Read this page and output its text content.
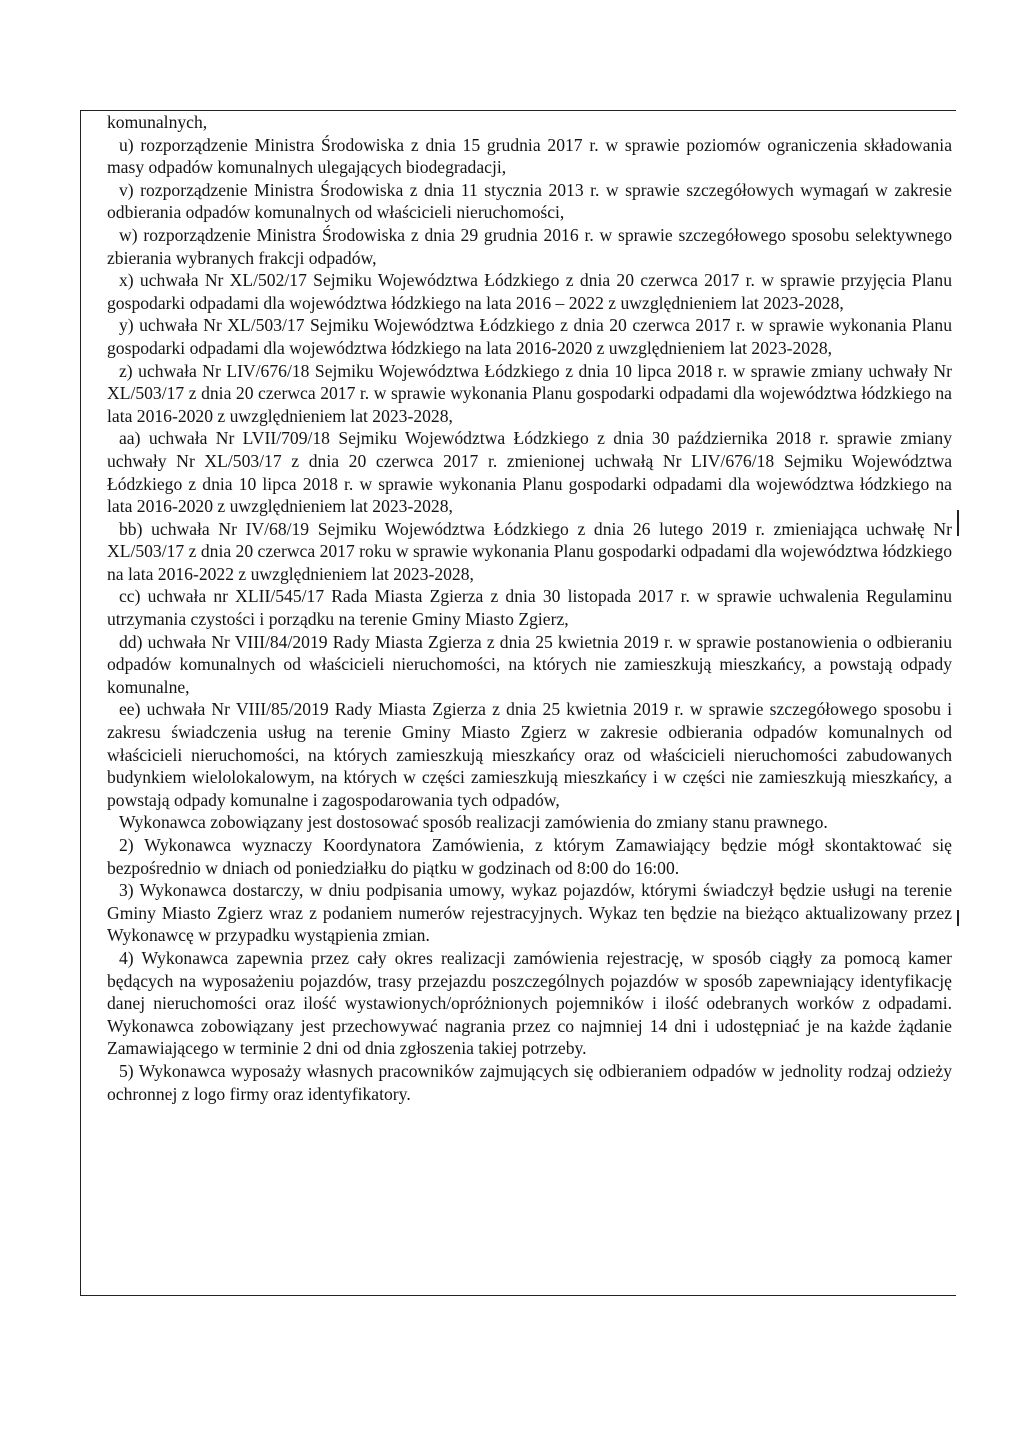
komunalnych,

u) rozporządzenie Ministra Środowiska z dnia 15 grudnia 2017 r. w sprawie poziomów ograniczenia składowania masy odpadów komunalnych ulegających biodegradacji,

v) rozporządzenie Ministra Środowiska z dnia 11 stycznia 2013 r. w sprawie szczegółowych wymagań w zakresie odbierania odpadów komunalnych od właścicieli nieruchomości,

w) rozporządzenie Ministra Środowiska z dnia 29 grudnia 2016 r. w sprawie szczegółowego sposobu selektywnego zbierania wybranych frakcji odpadów,

x) uchwała Nr XL/502/17 Sejmiku Województwa Łódzkiego z dnia 20 czerwca 2017 r. w sprawie przyjęcia Planu gospodarki odpadami dla województwa łódzkiego na lata 2016 – 2022 z uwzględnieniem lat 2023-2028,

y) uchwała Nr XL/503/17 Sejmiku Województwa Łódzkiego z dnia 20 czerwca 2017 r. w sprawie wykonania Planu gospodarki odpadami dla województwa łódzkiego na lata 2016-2020 z uwzględnieniem lat 2023-2028,

z) uchwała Nr LIV/676/18 Sejmiku Województwa Łódzkiego z dnia 10 lipca 2018 r. w sprawie zmiany uchwały Nr XL/503/17 z dnia 20 czerwca 2017 r. w sprawie wykonania Planu gospodarki odpadami dla województwa łódzkiego na lata 2016-2020 z uwzględnieniem lat 2023-2028,

aa) uchwała Nr LVII/709/18 Sejmiku Województwa Łódzkiego z dnia 30 października 2018 r. sprawie zmiany uchwały Nr XL/503/17 z dnia 20 czerwca 2017 r. zmienionej uchwałą Nr LIV/676/18 Sejmiku Województwa Łódzkiego z dnia 10 lipca 2018 r. w sprawie wykonania Planu gospodarki odpadami dla województwa łódzkiego na lata 2016-2020 z uwzględnieniem lat 2023-2028,

bb) uchwała Nr IV/68/19 Sejmiku Województwa Łódzkiego z dnia 26 lutego 2019 r. zmieniająca uchwałę Nr XL/503/17 z dnia 20 czerwca 2017 roku w sprawie wykonania Planu gospodarki odpadami dla województwa łódzkiego na lata 2016-2022 z uwzględnieniem lat 2023-2028,

cc) uchwała nr XLII/545/17 Rada Miasta Zgierza z dnia 30 listopada 2017 r. w sprawie uchwalenia Regulaminu utrzymania czystości i porządku na terenie Gminy Miasto Zgierz,

dd) uchwała Nr VIII/84/2019 Rady Miasta Zgierza z dnia 25 kwietnia 2019 r. w sprawie postanowienia o odbieraniu odpadów komunalnych od właścicieli nieruchomości, na których nie zamieszkują mieszkańcy, a powstają odpady komunalne,

ee) uchwała Nr VIII/85/2019 Rady Miasta Zgierza z dnia 25 kwietnia 2019 r. w sprawie szczegółowego sposobu i zakresu świadczenia usług na terenie Gminy Miasto Zgierz w zakresie odbierania odpadów komunalnych od właścicieli nieruchomości, na których zamieszkują mieszkańcy oraz od właścicieli nieruchomości zabudowanych budynkiem wielolokalowym, na których w części zamieszkują mieszkańcy i w części nie zamieszkują mieszkańcy, a powstają odpady komunalne i zagospodarowania tych odpadów,

Wykonawca zobowiązany jest dostosować sposób realizacji zamówienia do zmiany stanu prawnego.

2) Wykonawca wyznaczy Koordynatora Zamówienia, z którym Zamawiający będzie mógł skontaktować się bezpośrednio w dniach od poniedziałku do piątku w godzinach od 8:00 do 16:00.

3) Wykonawca dostarczy, w dniu podpisania umowy, wykaz pojazdów, którymi świadczył będzie usługi na terenie Gminy Miasto Zgierz wraz z podaniem numerów rejestracyjnych. Wykaz ten będzie na bieżąco aktualizowany przez Wykonawcę w przypadku wystąpienia zmian.

4) Wykonawca zapewnia przez cały okres realizacji zamówienia rejestrację, w sposób ciągły za pomocą kamer będących na wyposażeniu pojazdów, trasy przejazdu poszczególnych pojazdów w sposób zapewniający identyfikację danej nieruchomości oraz ilość wystawionych/opróżnionych pojemników i ilość odebranych worków z odpadami. Wykonawca zobowiązany jest przechowywać nagrania przez co najmniej 14 dni i udostępniać je na każde żądanie Zamawiającego w terminie 2 dni od dnia zgłoszenia takiej potrzeby.

5) Wykonawca wyposaży własnych pracowników zajmujących się odbieraniem odpadów w jednolity rodzaj odzieży ochronnej z logo firmy oraz identyfikatory.
